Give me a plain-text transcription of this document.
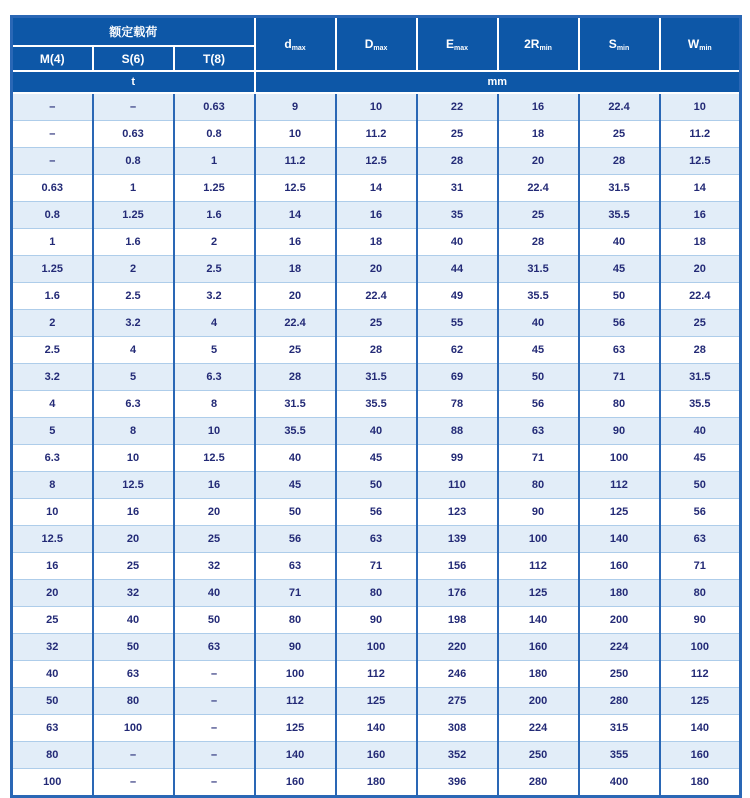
额定载荷			$d_{max}$	$D_{max}$	$E_{max}$	$2R_{min}$	$S_{min}$	$W_{min}$
M(4)	S(6)	T(8)						
t			mm					
–	–	0.63	9	10	22	16	22.4	10
–	0.63	0.8	10	11.2	25	18	25	11.2
–	0.8	1	11.2	12.5	28	20	28	12.5
0.63	1	1.25	12.5	14	31	22.4	31.5	14
0.8	1.25	1.6	14	16	35	25	35.5	16
1	1.6	2	16	18	40	28	40	18
1.25	2	2.5	18	20	44	31.5	45	20
1.6	2.5	3.2	20	22.4	49	35.5	50	22.4
2	3.2	4	22.4	25	55	40	56	25
2.5	4	5	25	28	62	45	63	28
3.2	5	6.3	28	31.5	69	50	71	31.5
4	6.3	8	31.5	35.5	78	56	80	35.5
5	8	10	35.5	40	88	63	90	40
6.3	10	12.5	40	45	99	71	100	45
8	12.5	16	45	50	110	80	112	50
10	16	20	50	56	123	90	125	56
12.5	20	25	56	63	139	100	140	63
16	25	32	63	71	156	112	160	71
20	32	40	71	80	176	125	180	80
25	40	50	80	90	198	140	200	90
32	50	63	90	100	220	160	224	100
40	63	–	100	112	246	180	250	112
50	80	–	112	125	275	200	280	125
63	100	–	125	140	308	224	315	140
80	–	–	140	160	352	250	355	160
100	–	–	160	180	396	280	400	180
